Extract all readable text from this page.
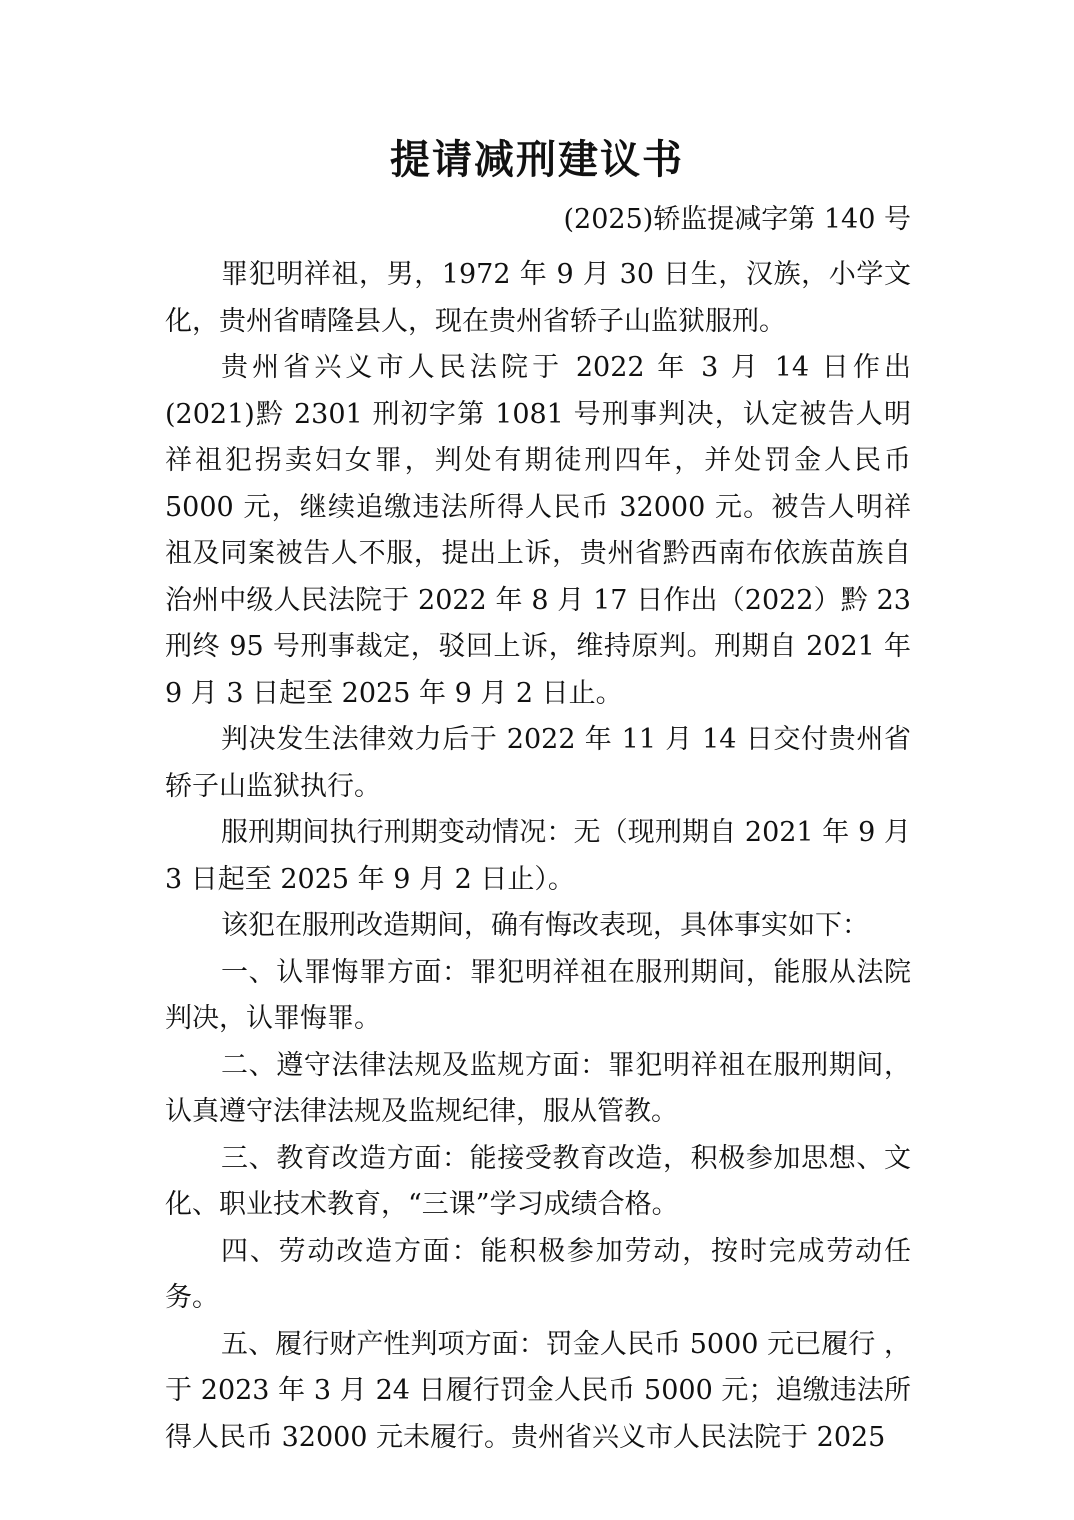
提请减刑建议书
(2025)轿监提减字第 140 号

罪犯明祥祖，男，1972 年 9 月 30 日生，汉族，小学文化，贵州省晴隆县人，现在贵州省轿子山监狱服刑。

贵州省兴义市人民法院于 2022 年 3 月 14 日作出(2021)黔 2301 刑初字第 1081 号刑事判决，认定被告人明祥祖犯拐卖妇女罪，判处有期徒刑四年，并处罚金人民币 5000 元，继续追缴违法所得人民币 32000 元。被告人明祥祖及同案被告人不服，提出上诉，贵州省黔西南布依族苗族自治州中级人民法院于 2022 年 8 月 17 日作出（2022）黔 23 刑终 95 号刑事裁定，驳回上诉，维持原判。刑期自 2021 年 9 月 3 日起至 2025 年 9 月 2 日止。

判决发生法律效力后于 2022 年 11 月 14 日交付贵州省轿子山监狱执行。

服刑期间执行刑期变动情况：无（现刑期自 2021 年 9 月 3 日起至 2025 年 9 月 2 日止）。

该犯在服刑改造期间，确有悔改表现，具体事实如下：

一、认罪悔罪方面：罪犯明祥祖在服刑期间，能服从法院判决，认罪悔罪。

二、遵守法律法规及监规方面：罪犯明祥祖在服刑期间，认真遵守法律法规及监规纪律，服从管教。

三、教育改造方面：能接受教育改造，积极参加思想、文化、职业技术教育，“三课”学习成绩合格。

四、劳动改造方面：能积极参加劳动，按时完成劳动任务。

五、履行财产性判项方面：罚金人民币 5000 元已履行 ，于 2023 年 3 月 24 日履行罚金人民币 5000 元；追缴违法所得人民币 32000 元未履行。贵州省兴义市人民法院于 2025
